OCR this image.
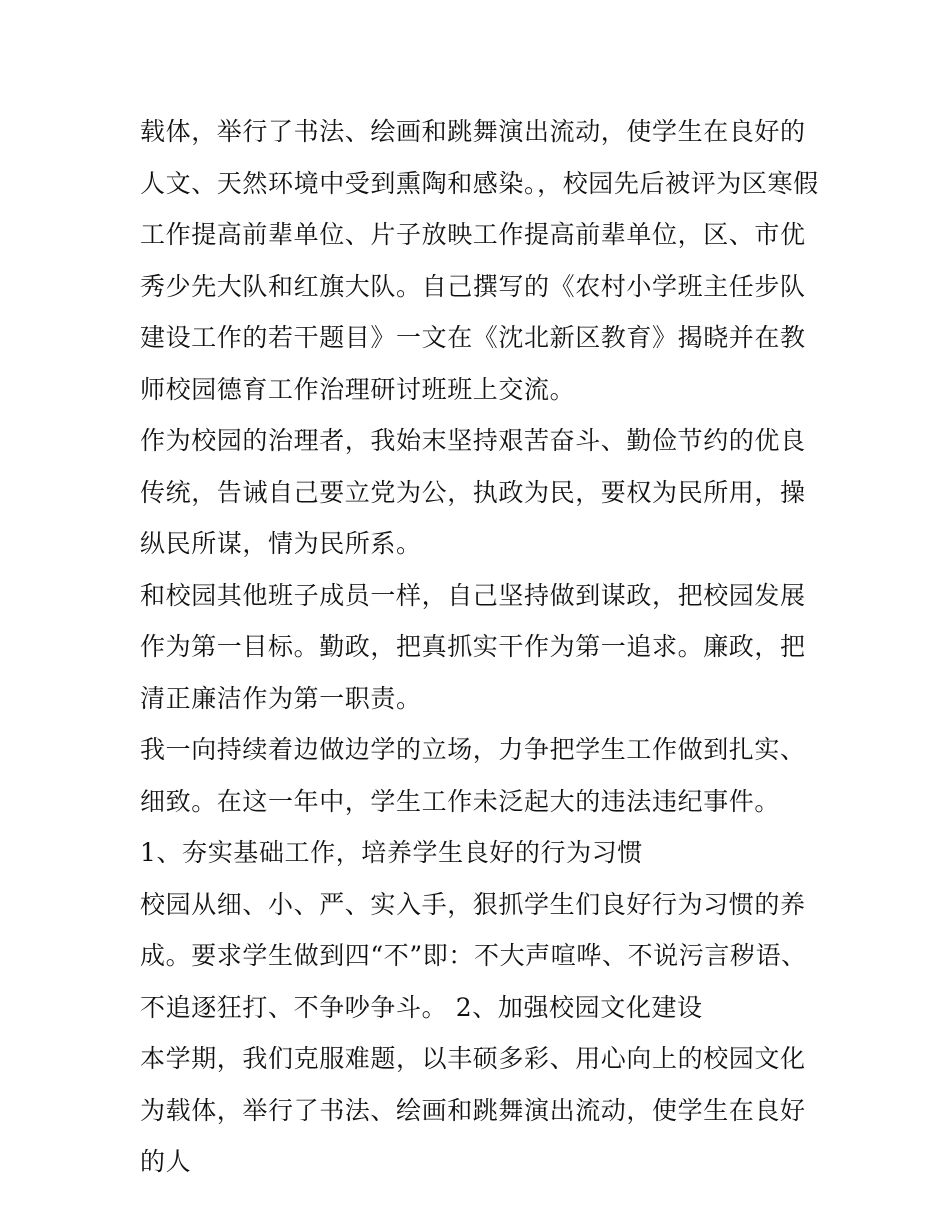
载体，举行了书法、绘画和跳舞演出流动，使学生在良好的人文、天然环境中受到熏陶和感染。，校园先后被评为区寒假工作提高前辈单位、片子放映工作提高前辈单位，区、市优秀少先大队和红旗大队。自己撰写的《农村小学班主任步队建设工作的若干题目》一文在《沈北新区教育》揭晓并在教师校园德育工作治理研讨班班上交流。

作为校园的治理者，我始末坚持艰苦奋斗、勤俭节约的优良传统，告诫自己要立党为公，执政为民，要权为民所用，操纵民所谋，情为民所系。

和校园其他班子成员一样，自己坚持做到谋政，把校园发展作为第一目标。勤政，把真抓实干作为第一追求。廉政，把清正廉洁作为第一职责。

我一向持续着边做边学的立场，力争把学生工作做到扎实、细致。在这一年中，学生工作未泛起大的违法违纪事件。 1、夯实基础工作，培养学生良好的行为习惯

校园从细、小、严、实入手，狠抓学生们良好行为习惯的养成。要求学生做到四“不”即：不大声喧哗、不说污言秽语、不追逐狂打、不争吵争斗。 2、加强校园文化建设

本学期，我们克服难题，以丰硕多彩、用心向上的校园文化为载体，举行了书法、绘画和跳舞演出流动，使学生在良好的人
